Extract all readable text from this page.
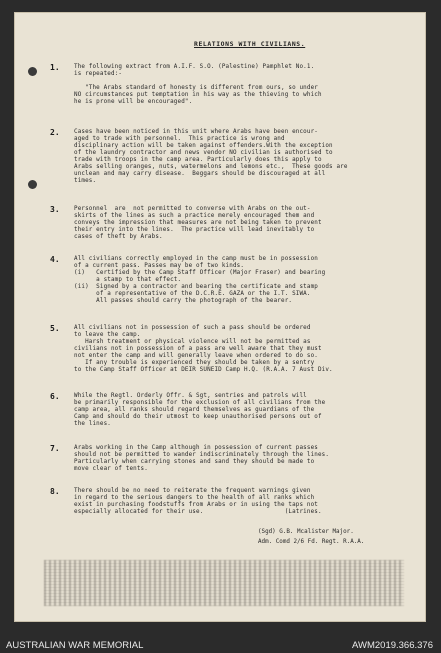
RELATIONS WITH CIVILIANS.
1. The following extract from A.I.F. S.O. (Palestine) Pamphlet No.1.
is repeated:-
"The Arabs standard of honesty is different from ours, so under
NO circumstances put temptation in his way as the thieving to which
he is prone will be encouraged".
2. Cases have been noticed in this unit where Arabs have been encour-
aged to trade with personnel.  This practice is wrong and
disciplinary action will be taken against offenders.With the exception
of the laundry contractor and news vendor NO civilian is authorised to
trade with troops in the camp area. Particularly does this apply to
Arabs selling oranges, nuts, watermelons and lemons etc.,  These goods are
unclean and may carry disease.  Beggars should be discouraged at all
times.
3. Personnel  are  not permitted to converse with Arabs on the out-
skirts of the lines as such a practice merely encouraged them and
conveys the impression that measures are not being taken to prevent
their entry into the lines.  The practice will lead inevitably to
cases of theft by Arabs.
4. All civilians correctly employed in the camp must be in possession
of a current pass. Passes may be of two kinds.
(i)   Certified by the Camp Staff Officer (Major Fraser) and bearing
a stamp to that effect.
(ii)  Signed by a contractor and bearing the certificate and stamp
of a representative of the D.C.R.E. GAZA or the I.T. SIWA.
All passes should carry the photograph of the bearer.
5. All civilians not in possession of such a pass should be ordered
to leave the camp.
Harsh treatment or physical violence will not be permitted as
civilians not in possession of a pass are well aware that they must
not enter the camp and will generally leave when ordered to do so.
If any trouble is experienced they should be taken by a sentry
to the Camp Staff Officer at DEIR SUNEID Camp H.Q. (R.A.A. 7 Aust Div.
6. While the Regtl. Orderly Offr. & Sgt, sentries and patrols will
be primarily responsible for the exclusion of all civilians from the
camp area, all ranks should regard themselves as guardians of the
Camp and should do their utmost to keep unauthorised persons out of
the lines.
7. Arabs working in the Camp although in possession of current passes
should not be permitted to wander indiscriminately through the lines.
Particularly when carrying stones and sand they should be made to
move clear of tents.
8. There should be no need to reiterate the frequent warnings given
in regard to the serious dangers to the health of all ranks which
exist in purchasing foodstuffs from Arabs or in using the taps not
especially allocated for their use.                      (Latrines.
(Sgd) G.B. Mcalister Major.
Adm. Comd 2/6 Fd. Regt. R.A.A.
AUSTRALIAN WAR MEMORIAL	AWM2019.366.376
